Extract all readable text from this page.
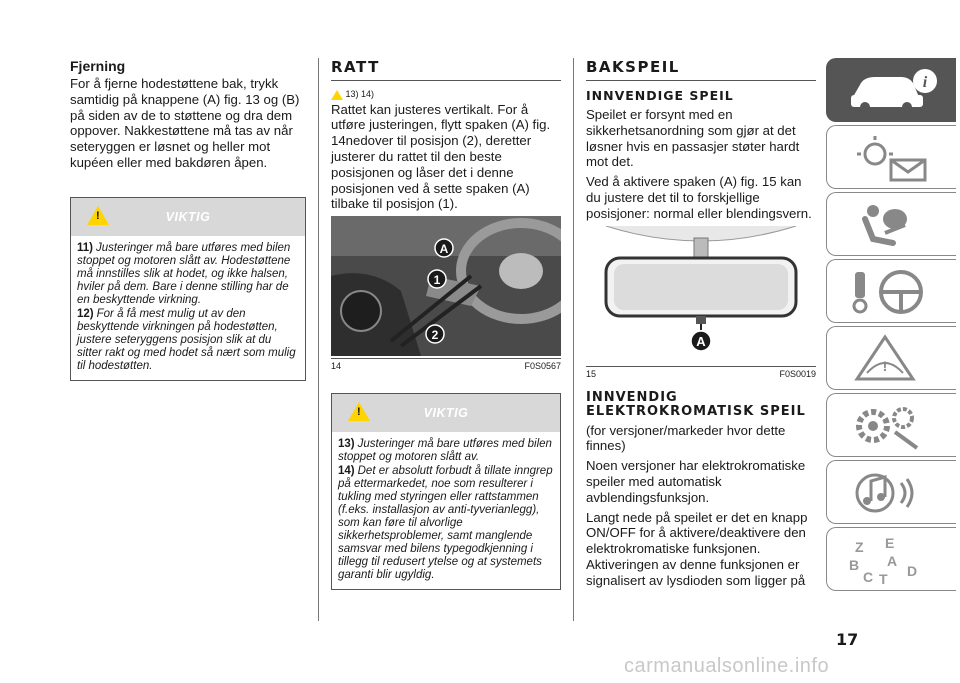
Fjerning

For å fjerne hodestøttene bak, trykk samtidig på knappene (A) fig. 13 og (B) på siden av de to støttene og dra dem oppover. Nakkestøttene må tas av når seteryggen er løsnet og heller mot kupéen eller med bakdøren åpen.

!	VIKTIG
11) Justeringer må bare utføres med bilen stoppet og motoren slått av. Hodestøttene må innstilles slik at hodet, og ikke halsen, hviler på dem. Bare i denne stilling har de en beskyttende virkning.
12) For å få mest mulig ut av den beskyttende virkningen på hodestøtten, justere seteryggens posisjon slik at du sitter rakt og med hodet så nært som mulig til hodestøtten.
RATT
13) 14)

Rattet kan justeres vertikalt. For å utføre justeringen, flytt spaken (A) fig. 14nedover til posisjon (2), deretter justerer du rattet til den beste posisjonen og låser det i denne posisjonen ved å sette spaken (A) tilbake til posisjon (1).

A
1
2
14	F0S0567
!	VIKTIG
13) Justeringer må bare utføres med bilen stoppet og motoren slått av.
14) Det er absolutt forbudt å tillate inngrep på ettermarkedet, noe som resulterer i tukling med styringen eller rattstammen (f.eks. installasjon av anti-tyverianlegg), som kan føre til alvorlige sikkerhetsproblemer, samt manglende samsvar med bilens typegodkjenning i tillegg til redusert ytelse og at systemets garanti blir ugyldig.
BAKSPEIL
INNVENDIGE SPEIL

Speilet er forsynt med en sikkerhetsanordning som gjør at det løsner hvis en passasjer støter hardt mot det.

Ved å aktivere spaken (A) fig. 15 kan du justere det til to forskjellige posisjoner: normal eller blendingsvern.

A
15	F0S0019
INNVENDIG ELEKTROKROMATISK SPEIL

(for versjoner/markeder hvor dette finnes)

Noen versjoner har elektrokromatiske speiler med automatisk avblendingsfunksjon.

Langt nede på speilet er det en knapp ON/OFF for å aktivere/deaktivere den elektrokromatiske funksjonen. Aktiveringen av denne funksjonen er signalisert av lysdioden som ligger på

i
!
Z E
B A
C T D
17
carmanualsonline.info
